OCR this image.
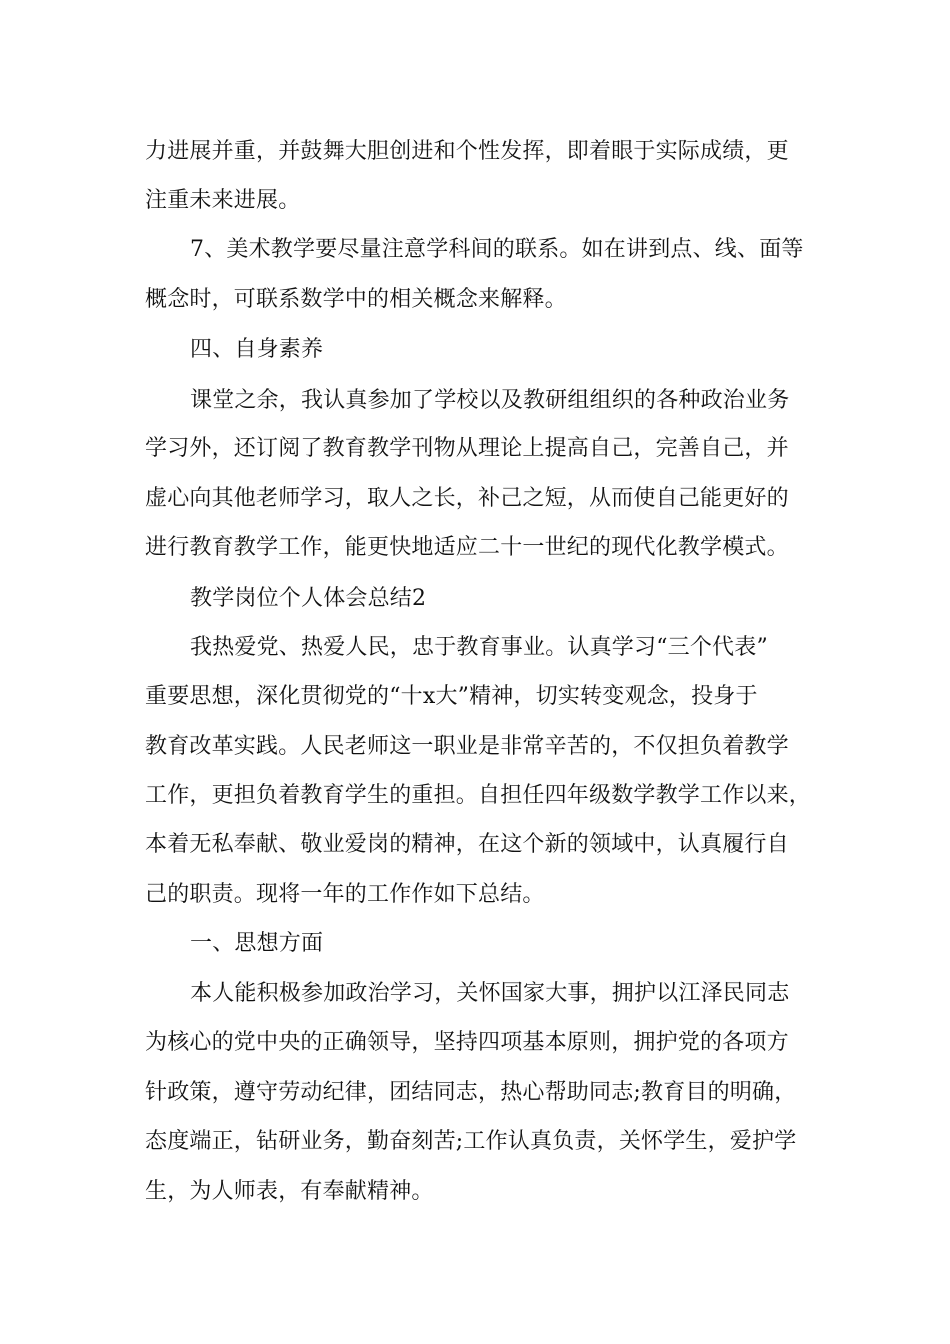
力进展并重，并鼓舞大胆创进和个性发挥，即着眼于实际成绩，更
注重未来进展。
7、美术教学要尽量注意学科间的联系。如在讲到点、线、面等
概念时，可联系数学中的相关概念来解释。
四、自身素养
课堂之余，我认真参加了学校以及教研组组织的各种政治业务
学习外，还订阅了教育教学刊物从理论上提高自己，完善自己，并
虚心向其他老师学习，取人之长，补己之短，从而使自己能更好的
进行教育教学工作，能更快地适应二十一世纪的现代化教学模式。
教学岗位个人体会总结2
我热爱党、热爱人民，忠于教育事业。认真学习“三个代表”
重要思想，深化贯彻党的“十x大”精神，切实转变观念，投身于
教育改革实践。人民老师这一职业是非常辛苦的，不仅担负着教学
工作，更担负着教育学生的重担。自担任四年级数学教学工作以来，
本着无私奉献、敬业爱岗的精神，在这个新的领域中，认真履行自
己的职责。现将一年的工作作如下总结。
一、思想方面
本人能积极参加政治学习，关怀国家大事，拥护以江泽民同志
为核心的党中央的正确领导，坚持四项基本原则，拥护党的各项方
针政策，遵守劳动纪律，团结同志，热心帮助同志;教育目的明确，
态度端正，钻研业务，勤奋刻苦;工作认真负责，关怀学生，爱护学
生，为人师表，有奉献精神。
